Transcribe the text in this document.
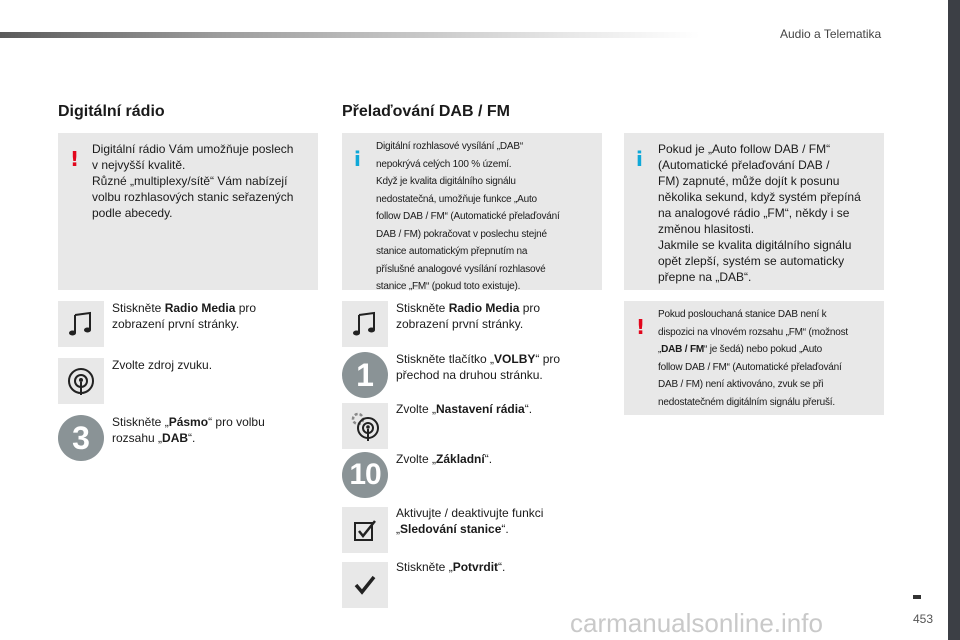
Audio a Telematika
Digitální rádio
! Digitální rádio Vám umožňuje poslech
v nejvyšší kvalitě.
Různé „multiplexy/sítě“ Vám nabízejí
volbu rozhlasových stanic seřazených
podle abecedy.
Stiskněte Radio Media pro
zobrazení první stránky.
Zvolte zdroj zvuku.
3	Stiskněte „Pásmo“ pro volbu
rozsahu „DAB“.
Přelaďování DAB / FM
i
Digitální rozhlasové vysílání „DAB“
nepokrývá celých 100 % území.
Když je kvalita digitálního signálu
nedostatečná, umožňuje funkce „Auto
follow DAB / FM“ (Automatické přelaďování
DAB / FM) pokračovat v poslechu stejné
stanice automatickým přepnutím na
příslušné analogové vysílání rozhlasové
stanice „FM“ (pokud toto existuje).
Stiskněte Radio Media pro
zobrazení první stránky.
1	Stiskněte tlačítko „VOLBY“ pro
přechod na druhou stránku.
Zvolte „Nastavení rádia“.
10	Zvolte „Základní“.
Aktivujte / deaktivujte funkci
„Sledování stanice“.
Stiskněte „Potvrdit“.
i Pokud je „Auto follow DAB / FM“
(Automatické přelaďování DAB /
FM) zapnuté, může dojít k posunu
několika sekund, když systém přepíná
na analogové rádio „FM“, někdy i se
změnou hlasitosti.
Jakmile se kvalita digitálního signálu
opět zlepší, systém se automaticky
přepne na „DAB“.
!
Pokud poslouchaná stanice DAB není k
dispozici na vlnovém rozsahu „FM“ (možnost
„DAB / FM“ je šedá) nebo pokud „Auto
follow DAB / FM“ (Automatické přelaďování
DAB / FM) není aktivováno, zvuk se při
nedostatečném digitálním signálu přeruší.
carmanualsonline.info	453
